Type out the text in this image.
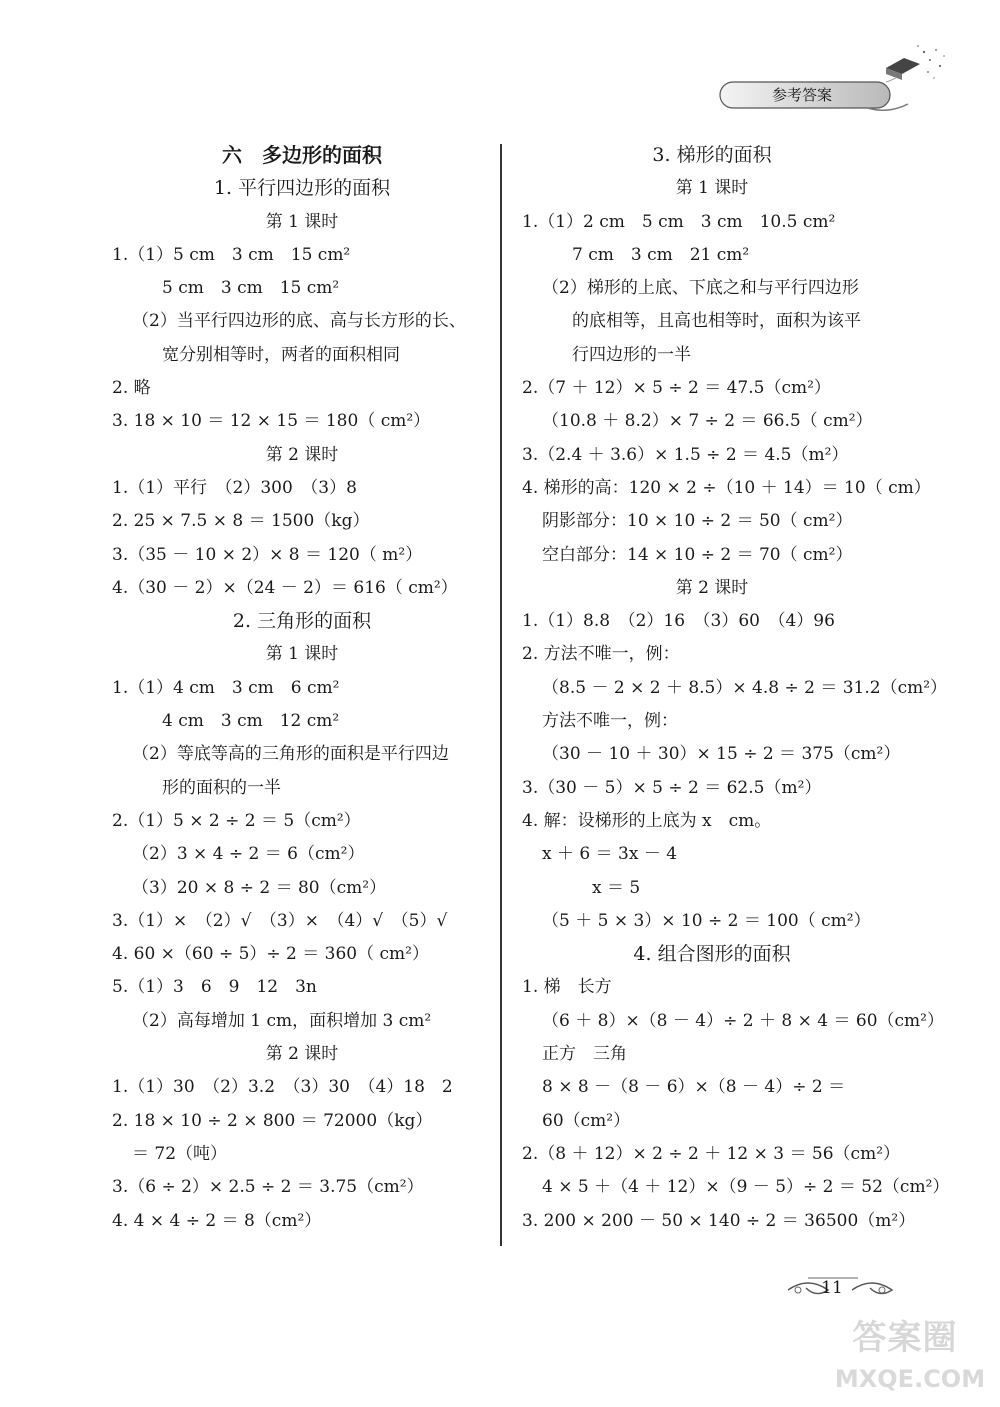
参考答案
六　多边形的面积
1. 平行四边形的面积
第 1 课时
1.（1）5 cm　3 cm　15 cm²
5 cm　3 cm　15 cm²
（2）当平行四边形的底、高与长方形的长、
宽分别相等时，两者的面积相同
2. 略
3. 18 × 10 ＝ 12 × 15 ＝ 180（ cm²）
第 2 课时
1.（1）平行　（2）300　（3）8
2. 25 × 7.5 × 8 ＝ 1500（kg）
3.（35 － 10 × 2）× 8 ＝ 120（ m²）
4.（30 － 2）×（24 － 2）＝ 616（ cm²）
2. 三角形的面积
第 1 课时
1.（1）4 cm　3 cm　6 cm²
4 cm　3 cm　12 cm²
（2）等底等高的三角形的面积是平行四边
形的面积的一半
2.（1）5 × 2 ÷ 2 ＝ 5（cm²）
（2）3 × 4 ÷ 2 ＝ 6（cm²）
（3）20 × 8 ÷ 2 ＝ 80（cm²）
3.（1）×　（2）√　（3）×　（4）√　（5）√
4. 60 ×（60 ÷ 5）÷ 2 ＝ 360（ cm²）
5.（1）3　6　9　12　3n
（2）高每增加 1 cm，面积增加 3 cm²
第 2 课时
1.（1）30　（2）3.2　（3）30　（4）18　2
2. 18 × 10 ÷ 2 × 800 ＝ 72000（kg）
＝ 72（吨）
3.（6 ÷ 2）× 2.5 ÷ 2 ＝ 3.75（cm²）
4. 4 × 4 ÷ 2 ＝ 8（cm²）
3. 梯形的面积
第 1 课时
1.（1）2 cm　5 cm　3 cm　10.5 cm²
7 cm　3 cm　21 cm²
（2）梯形的上底、下底之和与平行四边形
的底相等，且高也相等时，面积为该平
行四边形的一半
2.（7 ＋ 12）× 5 ÷ 2 ＝ 47.5（cm²）
（10.8 ＋ 8.2）× 7 ÷ 2 ＝ 66.5（ cm²）
3.（2.4 ＋ 3.6）× 1.5 ÷ 2 ＝ 4.5（m²）
4. 梯形的高：120 × 2 ÷（10 ＋ 14）＝ 10（ cm）
阴影部分：10 × 10 ÷ 2 ＝ 50（ cm²）
空白部分：14 × 10 ÷ 2 ＝ 70（ cm²）
第 2 课时
1.（1）8.8　（2）16　（3）60　（4）96
2. 方法不唯一，例：
（8.5 － 2 × 2 ＋ 8.5）× 4.8 ÷ 2 ＝ 31.2（cm²）
方法不唯一，例：
（30 － 10 ＋ 30）× 15 ÷ 2 ＝ 375（cm²）
3.（30 － 5）× 5 ÷ 2 ＝ 62.5（m²）
4. 解：设梯形的上底为 x　cm。
x ＋ 6 ＝ 3x － 4
x ＝ 5
（5 ＋ 5 × 3）× 10 ÷ 2 ＝ 100（ cm²）
4. 组合图形的面积
1. 梯　长方
（6 ＋ 8）×（8 － 4）÷ 2 ＋ 8 × 4 ＝ 60（cm²）
正方　三角
8 × 8 －（8 － 6）×（8 － 4）÷ 2 ＝
60（cm²）
2.（8 ＋ 12）× 2 ÷ 2 ＋ 12 × 3 ＝ 56（cm²）
4 × 5 ＋（4 ＋ 12）×（9 － 5）÷ 2 ＝ 52（cm²）
3. 200 × 200 － 50 × 140 ÷ 2 ＝ 36500（m²）
11
答案圈
MXQE.COM
